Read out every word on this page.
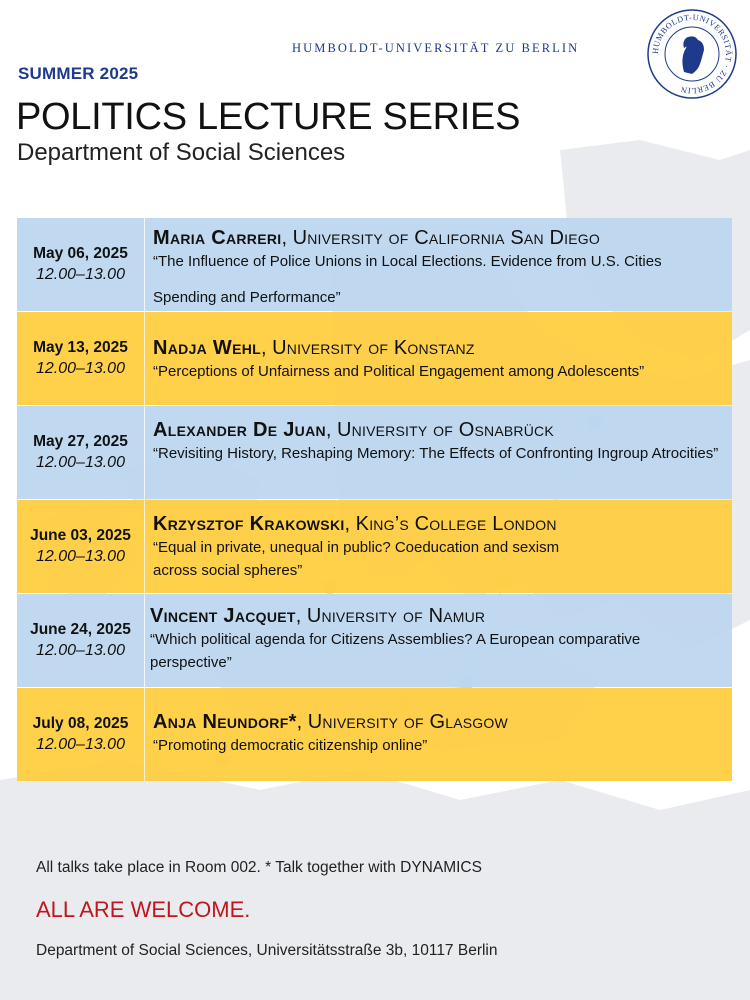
HUMBOLDT-UNIVERSITÄT ZU BERLIN	HUMBOLDT-UNIVERSITÄT · ZU BERLIN
SUMMER 2025
POLITICS LECTURE SERIES
Department of Social Sciences
May 06, 2025
12.00–13.00
Maria Carreri, University of California San Diego
“The Influence of Police Unions in Local Elections. Evidence from U.S. Cities Spending and Performance”
May 13, 2025
12.00–13.00
Nadja Wehl, University of Konstanz
“Perceptions of Unfairness and Political Engagement among Adolescents”
May 27, 2025
12.00–13.00
Alexander De Juan, University of Osnabrück
“Revisiting History, Reshaping Memory: The Effects of Confronting Ingroup Atrocities”
June 03, 2025
12.00–13.00
Krzysztof Krakowski, King’s College London
“Equal in private, unequal in public? Coeducation and sexism
across social spheres”
June 24, 2025
12.00–13.00
Vincent Jacquet, University of Namur
“Which political agenda for Citizens Assemblies? A European comparative perspective”
July 08, 2025
12.00–13.00
Anja Neundorf*, University of Glasgow
“Promoting democratic citizenship online”
All talks take place in Room 002. * Talk together with DYNAMICS
ALL ARE WELCOME.
Department of Social Sciences, Universitätsstraße 3b, 10117 Berlin
